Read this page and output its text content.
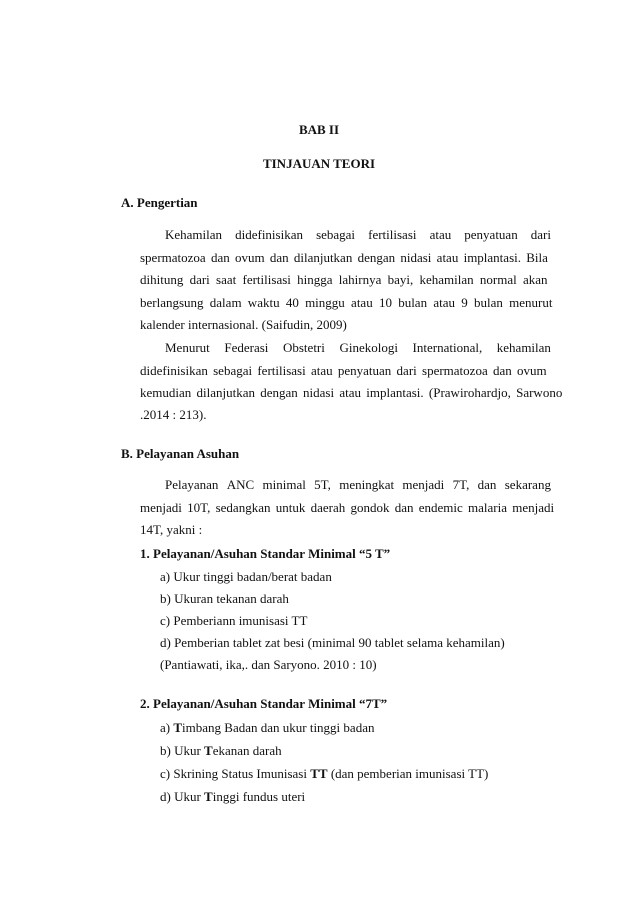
BAB II
TINJAUAN TEORI
A. Pengertian
Kehamilan didefinisikan sebagai fertilisasi atau penyatuan dari
spermatozoa dan ovum dan dilanjutkan dengan nidasi atau implantasi. Bila
dihitung dari saat fertilisasi hingga lahirnya bayi, kehamilan normal akan
berlangsung dalam waktu 40 minggu atau 10 bulan atau 9 bulan menurut
kalender internasional. (Saifudin, 2009)
Menurut Federasi Obstetri Ginekologi International, kehamilan
didefinisikan sebagai fertilisasi atau penyatuan dari spermatozoa dan ovum
kemudian dilanjutkan dengan nidasi atau implantasi. (Prawirohardjo, Sarwono
.2014 : 213).
B. Pelayanan Asuhan
Pelayanan ANC minimal 5T, meningkat menjadi 7T, dan sekarang
menjadi 10T, sedangkan untuk daerah gondok dan endemic malaria menjadi
14T, yakni :
1. Pelayanan/Asuhan Standar Minimal “5 T”
a) Ukur tinggi badan/berat badan
b) Ukuran tekanan darah
c) Pemberiann imunisasi TT
d) Pemberian tablet zat besi (minimal 90 tablet selama kehamilan)
(Pantiawati, ika,. dan Saryono. 2010 : 10)
2. Pelayanan/Asuhan Standar Minimal “7T”
a) Timbang Badan dan ukur tinggi badan
b) Ukur Tekanan darah
c) Skrining Status Imunisasi TT (dan pemberian imunisasi TT)
d) Ukur Tinggi fundus uteri
